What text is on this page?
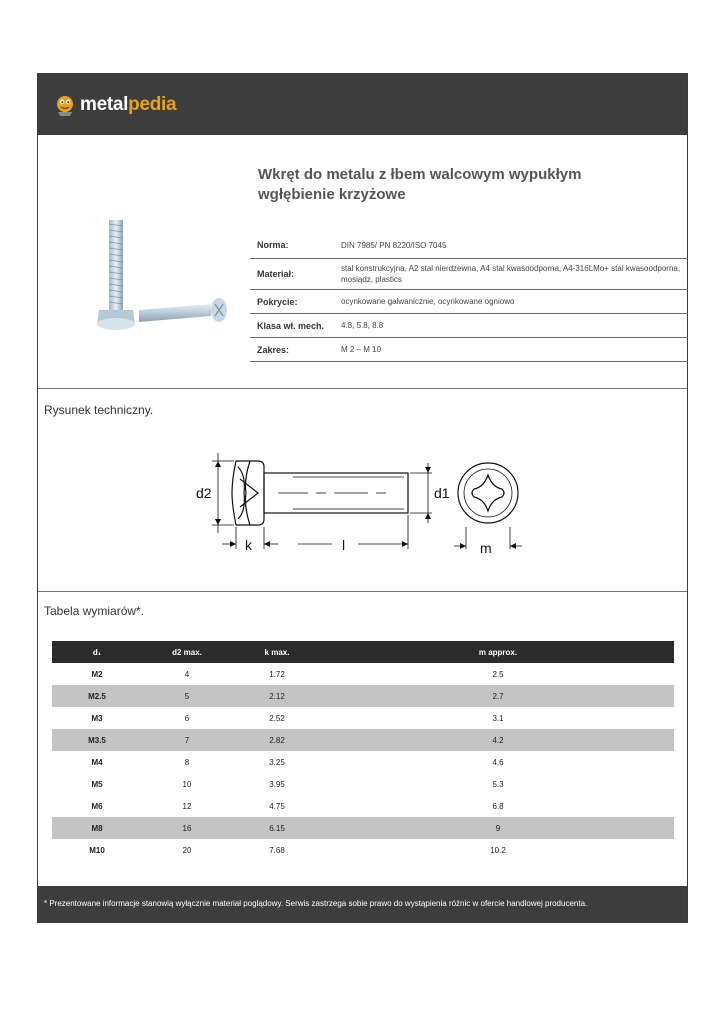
metalpedia
Wkręt do metalu z łbem walcowym wypukłym
wgłębienie krzyżowe
Norma:	DIN 7985/ PN 8220/ISO 7045
Materiał:
stal konstrukcyjna, A2 stal nierdzewna, A4 stal kwasoodporna, A4-316LMo+ stal kwasoodporna, mosiądz, plastics
Pokrycie:	ocynkowane galwanicznie, ocynkowane ogniowo
Klasa wł. mech.	4.8, 5.8, 8.8
Zakres:	M 2 – M 10
Rysunek techniczny.
d2	d1
k	l	m
Tabela wymiarów*.
d₁	d2 max.	k max.	m approx.
M2	4	1.72	2.5
M2.5	5	2.12	2.7
M3	6	2.52	3.1
M3.5	7	2.82	4.2
M4	8	3.25	4.6
M5	10	3.95	5.3
M6	12	4.75	6.8
M8	16	6.15	9
M10	20	7.68	10.2
* Prezentowane informacje stanowią wyłącznie materiał poglądowy. Serwis zastrzega sobie prawo do wystąpienia różnic w ofercie handlowej producenta.
